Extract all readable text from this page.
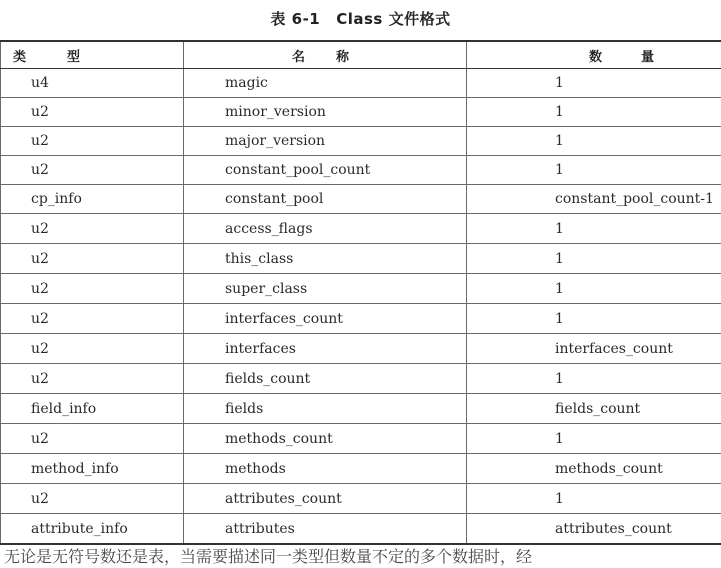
表 6-1 Class 文件格式
类 型	名 称	数 量
u4	magic	1
u2	minor_version	1
u2	major_version	1
u2	constant_pool_count	1
cp_info	constant_pool	constant_pool_count-1
u2	access_flags	1
u2	this_class	1
u2	super_class	1
u2	interfaces_count	1
u2	interfaces	interfaces_count
u2	fields_count	1
field_info	fields	fields_count
u2	methods_count	1
method_info	methods	methods_count
u2	attributes_count	1
attribute_info	attributes	attributes_count
无论是无符号数还是表，当需要描述同一类型但数量不定的多个数据时，经
